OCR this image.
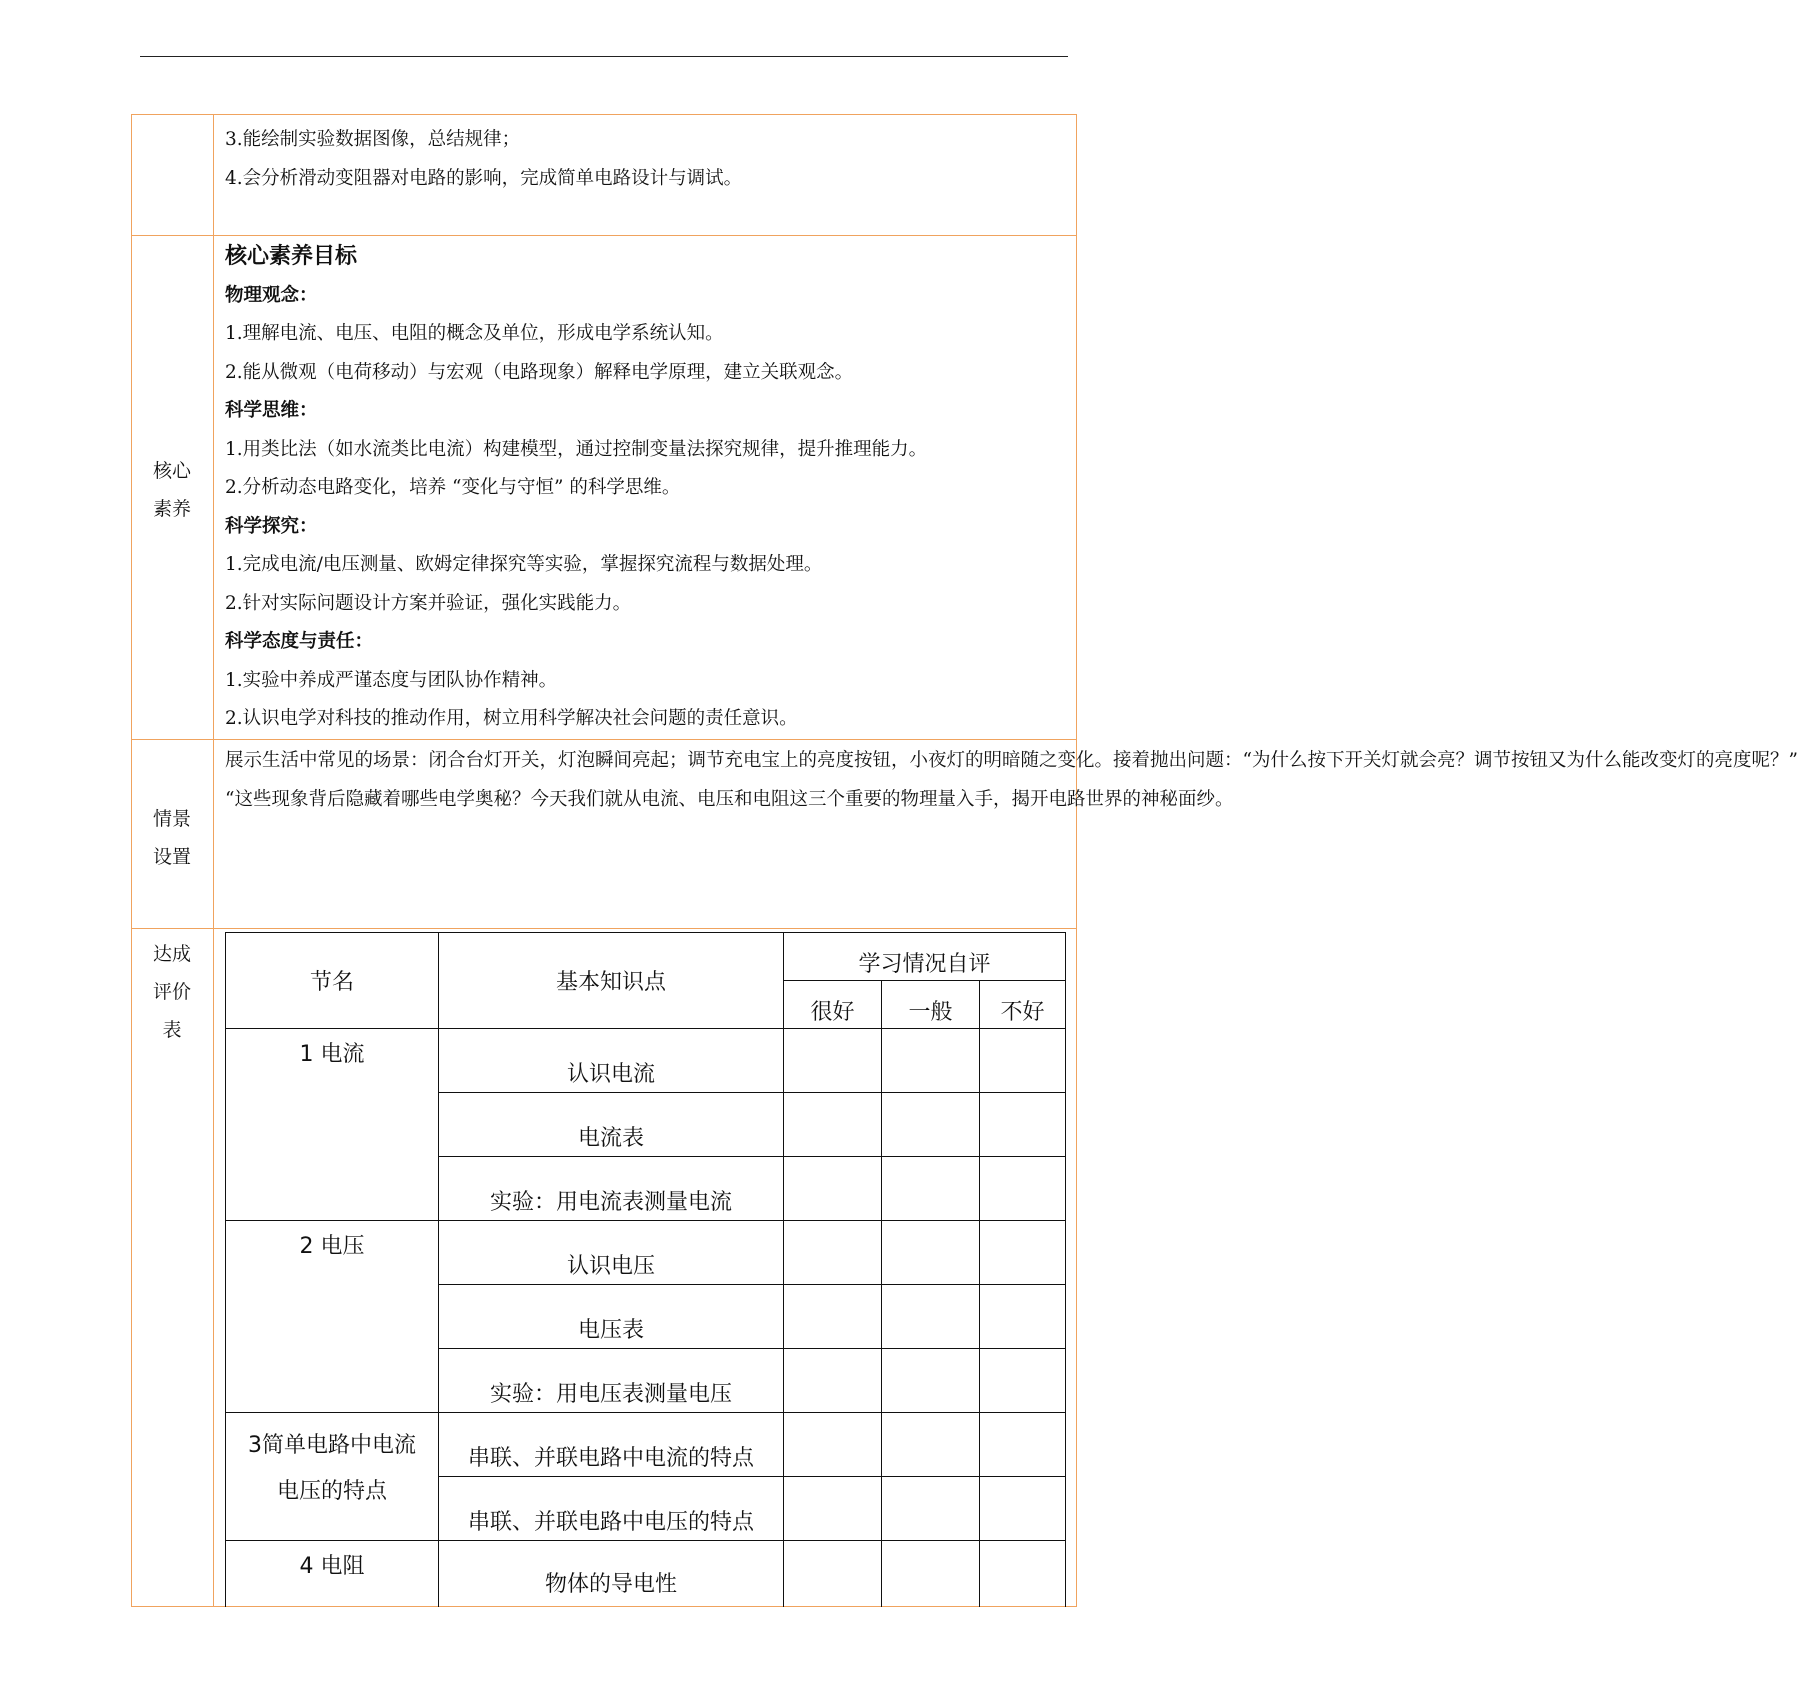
3.能绘制实验数据图像，总结规律；

4.会分析滑动变阻器对电路的影响，完成简单电路设计与调试。

核心
素养

核心素养目标

物理观念：

1.理解电流、电压、电阻的概念及单位，形成电学系统认知。

2.能从微观（电荷移动）与宏观（电路现象）解释电学原理，建立关联观念。

科学思维：

1.用类比法（如水流类比电流）构建模型，通过控制变量法探究规律，提升推理能力。

2.分析动态电路变化，培养 “变化与守恒” 的科学思维。

科学探究：

1.完成电流/电压测量、欧姆定律探究等实验，掌握探究流程与数据处理。

2.针对实际问题设计方案并验证，强化实践能力。

科学态度与责任：

1.实验中养成严谨态度与团队协作精神。

2.认识电学对科技的推动作用，树立用科学解决社会问题的责任意识。

情景
设置

展示生活中常见的场景：闭合台灯开关，灯泡瞬间亮起；调节充电宝上的亮度按钮，小夜灯的明暗随之变化。接着抛出问题：“为什么按下开关灯就会亮？调节按钮又为什么能改变灯的亮度呢？”

“这些现象背后隐藏着哪些电学奥秘？今天我们就从电流、电压和电阻这三个重要的物理量入手，揭开电路世界的神秘面纱。

达成
评价
表
节名	基本知识点	学习情况自评		
		很好	一般	不好
1 电流	认识电流			
	电流表			
	实验：用电流表测量电流			
2 电压	认识电压			
	电压表			
	实验：用电压表测量电压			

3简单电路中电流
电压的特点	串联、并联电路中电流的特点			
	串联、并联电路中电压的特点			
4 电阻	物体的导电性			
